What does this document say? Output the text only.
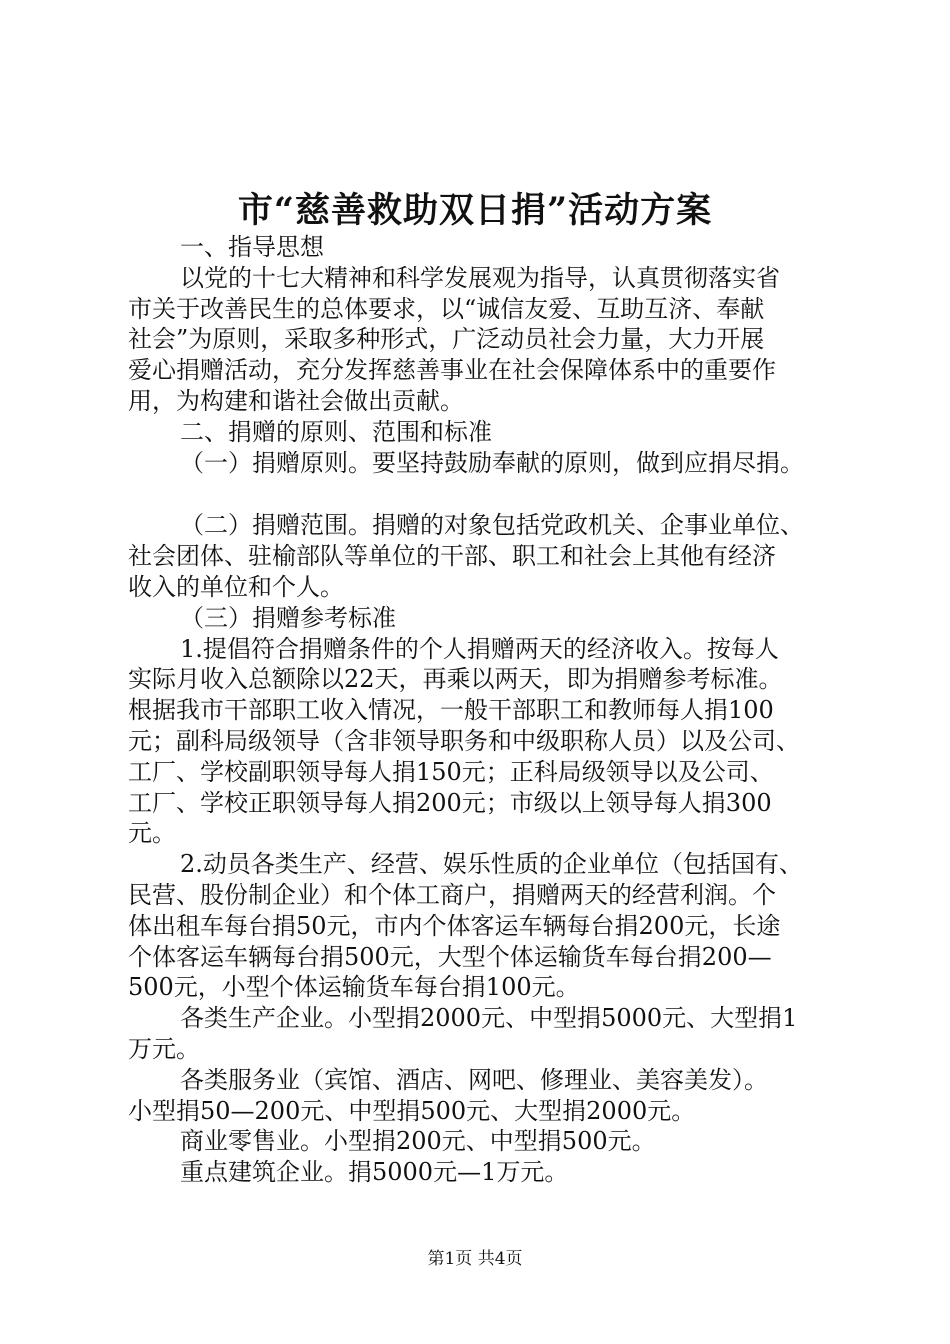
市“慈善救助双日捐”活动方案

一、指导思想

以党的十七大精神和科学发展观为指导，认真贯彻落实省

市关于改善民生的总体要求，以“诚信友爱、互助互济、奉献

社会”为原则，采取多种形式，广泛动员社会力量，大力开展

爱心捐赠活动，充分发挥慈善事业在社会保障体系中的重要作

用，为构建和谐社会做出贡献。

二、捐赠的原则、范围和标准

（一）捐赠原则。要坚持鼓励奉献的原则，做到应捐尽捐。

（二）捐赠范围。捐赠的对象包括党政机关、企事业单位、

社会团体、驻榆部队等单位的干部、职工和社会上其他有经济

收入的单位和个人。

（三）捐赠参考标准

1.提倡符合捐赠条件的个人捐赠两天的经济收入。按每人

实际月收入总额除以22天，再乘以两天，即为捐赠参考标准。

根据我市干部职工收入情况，一般干部职工和教师每人捐100

元；副科局级领导（含非领导职务和中级职称人员）以及公司、

工厂、学校副职领导每人捐150元；正科局级领导以及公司、

工厂、学校正职领导每人捐200元；市级以上领导每人捐300

元。

2.动员各类生产、经营、娱乐性质的企业单位（包括国有、

民营、股份制企业）和个体工商户，捐赠两天的经营利润。个

体出租车每台捐50元，市内个体客运车辆每台捐200元，长途

个体客运车辆每台捐500元，大型个体运输货车每台捐200—

500元，小型个体运输货车每台捐100元。

各类生产企业。小型捐2000元、中型捐5000元、大型捐1

万元。

各类服务业（宾馆、酒店、网吧、修理业、美容美发）。

小型捐50—200元、中型捐500元、大型捐2000元。

商业零售业。小型捐200元、中型捐500元。

重点建筑企业。捐5000元—1万元。

第1页 共4页
